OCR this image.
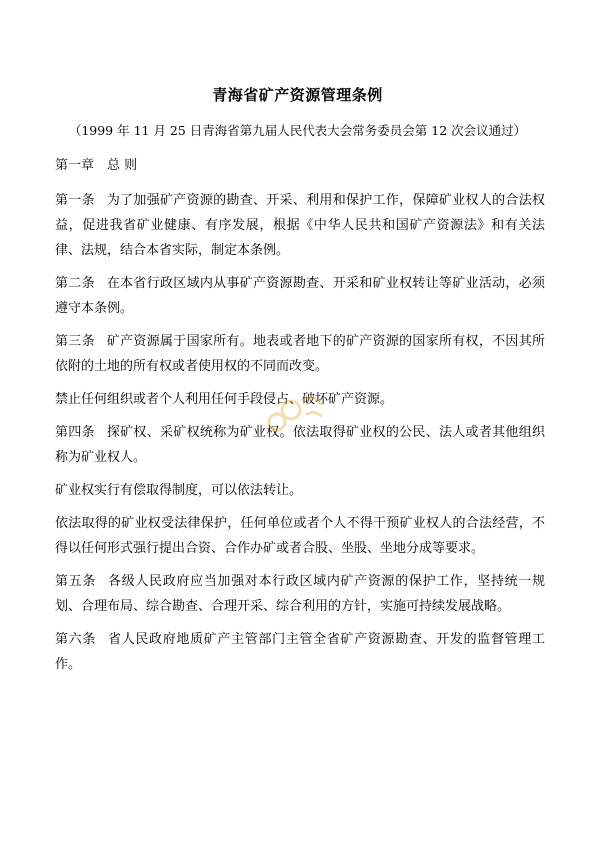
青海省矿产资源管理条例
（1999 年 11 月 25 日青海省第九届人民代表大会常务委员会第 12 次会议通过）

第一章　总 则

第一条 为了加强矿产资源的勘查、开采、利用和保护工作，保障矿业权人的合法权益，促进我省矿业健康、有序发展，根据《中华人民共和国矿产资源法》和有关法律、法规，结合本省实际，制定本条例。

第二条 在本省行政区域内从事矿产资源勘查、开采和矿业权转让等矿业活动，必须遵守本条例。

第三条 矿产资源属于国家所有。地表或者地下的矿产资源的国家所有权，不因其所依附的土地的所有权或者使用权的不同而改变。

禁止任何组织或者个人利用任何手段侵占、破坏矿产资源。

第四条 探矿权、采矿权统称为矿业权。依法取得矿业权的公民、法人或者其他组织称为矿业权人。

矿业权实行有偿取得制度，可以依法转让。

依法取得的矿业权受法律保护，任何单位或者个人不得干预矿业权人的合法经营，不得以任何形式强行提出合资、合作办矿或者合股、坐股、坐地分成等要求。

第五条 各级人民政府应当加强对本行政区域内矿产资源的保护工作，坚持统一规划、合理布局、综合勘查、合理开采、综合利用的方针，实施可持续发展战略。

第六条 省人民政府地质矿产主管部门主管全省矿产资源勘查、开发的监督管理工作。
